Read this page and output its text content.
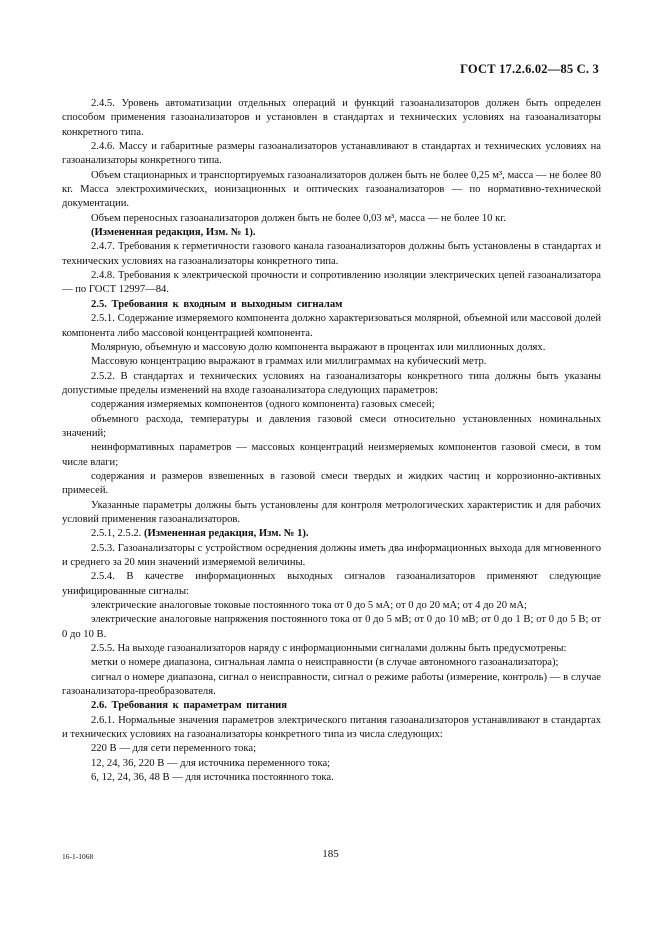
ГОСТ 17.2.6.02—85 С. 3

2.4.5. Уровень автоматизации отдельных операций и функций газоанализаторов должен быть определен способом применения газоанализаторов и установлен в стандартах и технических условиях на газоанализаторы конкретного типа.

2.4.6. Массу и габаритные размеры газоанализаторов устанавливают в стандартах и технических условиях на газоанализаторы конкретного типа.

Объем стационарных и транспортируемых газоанализаторов должен быть не более 0,25 м³, масса — не более 80 кг. Масса электрохимических, ионизационных и оптических газоанализаторов — по нормативно-технической документации.

Объем переносных газоанализаторов должен быть не более 0,03 м³, масса — не более 10 кг.

(Измененная редакция, Изм. № 1).

2.4.7. Требования к герметичности газового канала газоанализаторов должны быть установлены в стандартах и технических условиях на газоанализаторы конкретного типа.

2.4.8. Требования к электрической прочности и сопротивлению изоляции электрических цепей газоанализатора — по ГОСТ 12997—84.

2.5. Требования к входным и выходным сигналам

2.5.1. Содержание измеряемого компонента должно характеризоваться молярной, объемной или массовой долей компонента либо массовой концентрацией компонента.

Молярную, объемную и массовую долю компонента выражают в процентах или миллионных долях.

Массовую концентрацию выражают в граммах или миллиграммах на кубический метр.

2.5.2. В стандартах и технических условиях на газоанализаторы конкретного типа должны быть указаны допустимые пределы изменений на входе газоанализатора следующих параметров:

содержания измеряемых компонентов (одного компонента) газовых смесей;

объемного расхода, температуры и давления газовой смеси относительно установленных номинальных значений;

неинформативных параметров — массовых концентраций неизмеряемых компонентов газовой смеси, в том числе влаги;

содержания и размеров взвешенных в газовой смеси твердых и жидких частиц и коррозионно-активных примесей.

Указанные параметры должны быть установлены для контроля метрологических характеристик и для рабочих условий применения газоанализаторов.

2.5.1, 2.5.2. (Измененная редакция, Изм. № 1).

2.5.3. Газоанализаторы с устройством осреднения должны иметь два информационных выхода для мгновенного и среднего за 20 мин значений измеряемой величины.

2.5.4. В качестве информационных выходных сигналов газоанализаторов применяют следующие унифицированные сигналы:

электрические аналоговые токовые постоянного тока от 0 до 5 мА; от 0 до 20 мА; от 4 до 20 мА;

электрические аналоговые напряжения постоянного тока от 0 до 5 мВ; от 0 до 10 мВ; от 0 до 1 В; от 0 до 5 В; от 0 до 10 В.

2.5.5. На выходе газоанализаторов наряду с информационными сигналами должны быть предусмотрены:

метки о номере диапазона, сигнальная лампа о неисправности (в случае автономного газоанализатора);

сигнал о номере диапазона, сигнал о неисправности, сигнал о режиме работы (измерение, контроль) — в случае газоанализатора-преобразователя.

2.6. Требования к параметрам питания

2.6.1. Нормальные значения параметров электрического питания газоанализаторов устанавливают в стандартах и технических условиях на газоанализаторы конкретного типа из числа следующих:

220 В — для сети переменного тока;

12, 24, 36, 220 В — для источника переменного тока;

6, 12, 24, 36, 48 В — для источника постоянного тока.

16-1-1068	185
